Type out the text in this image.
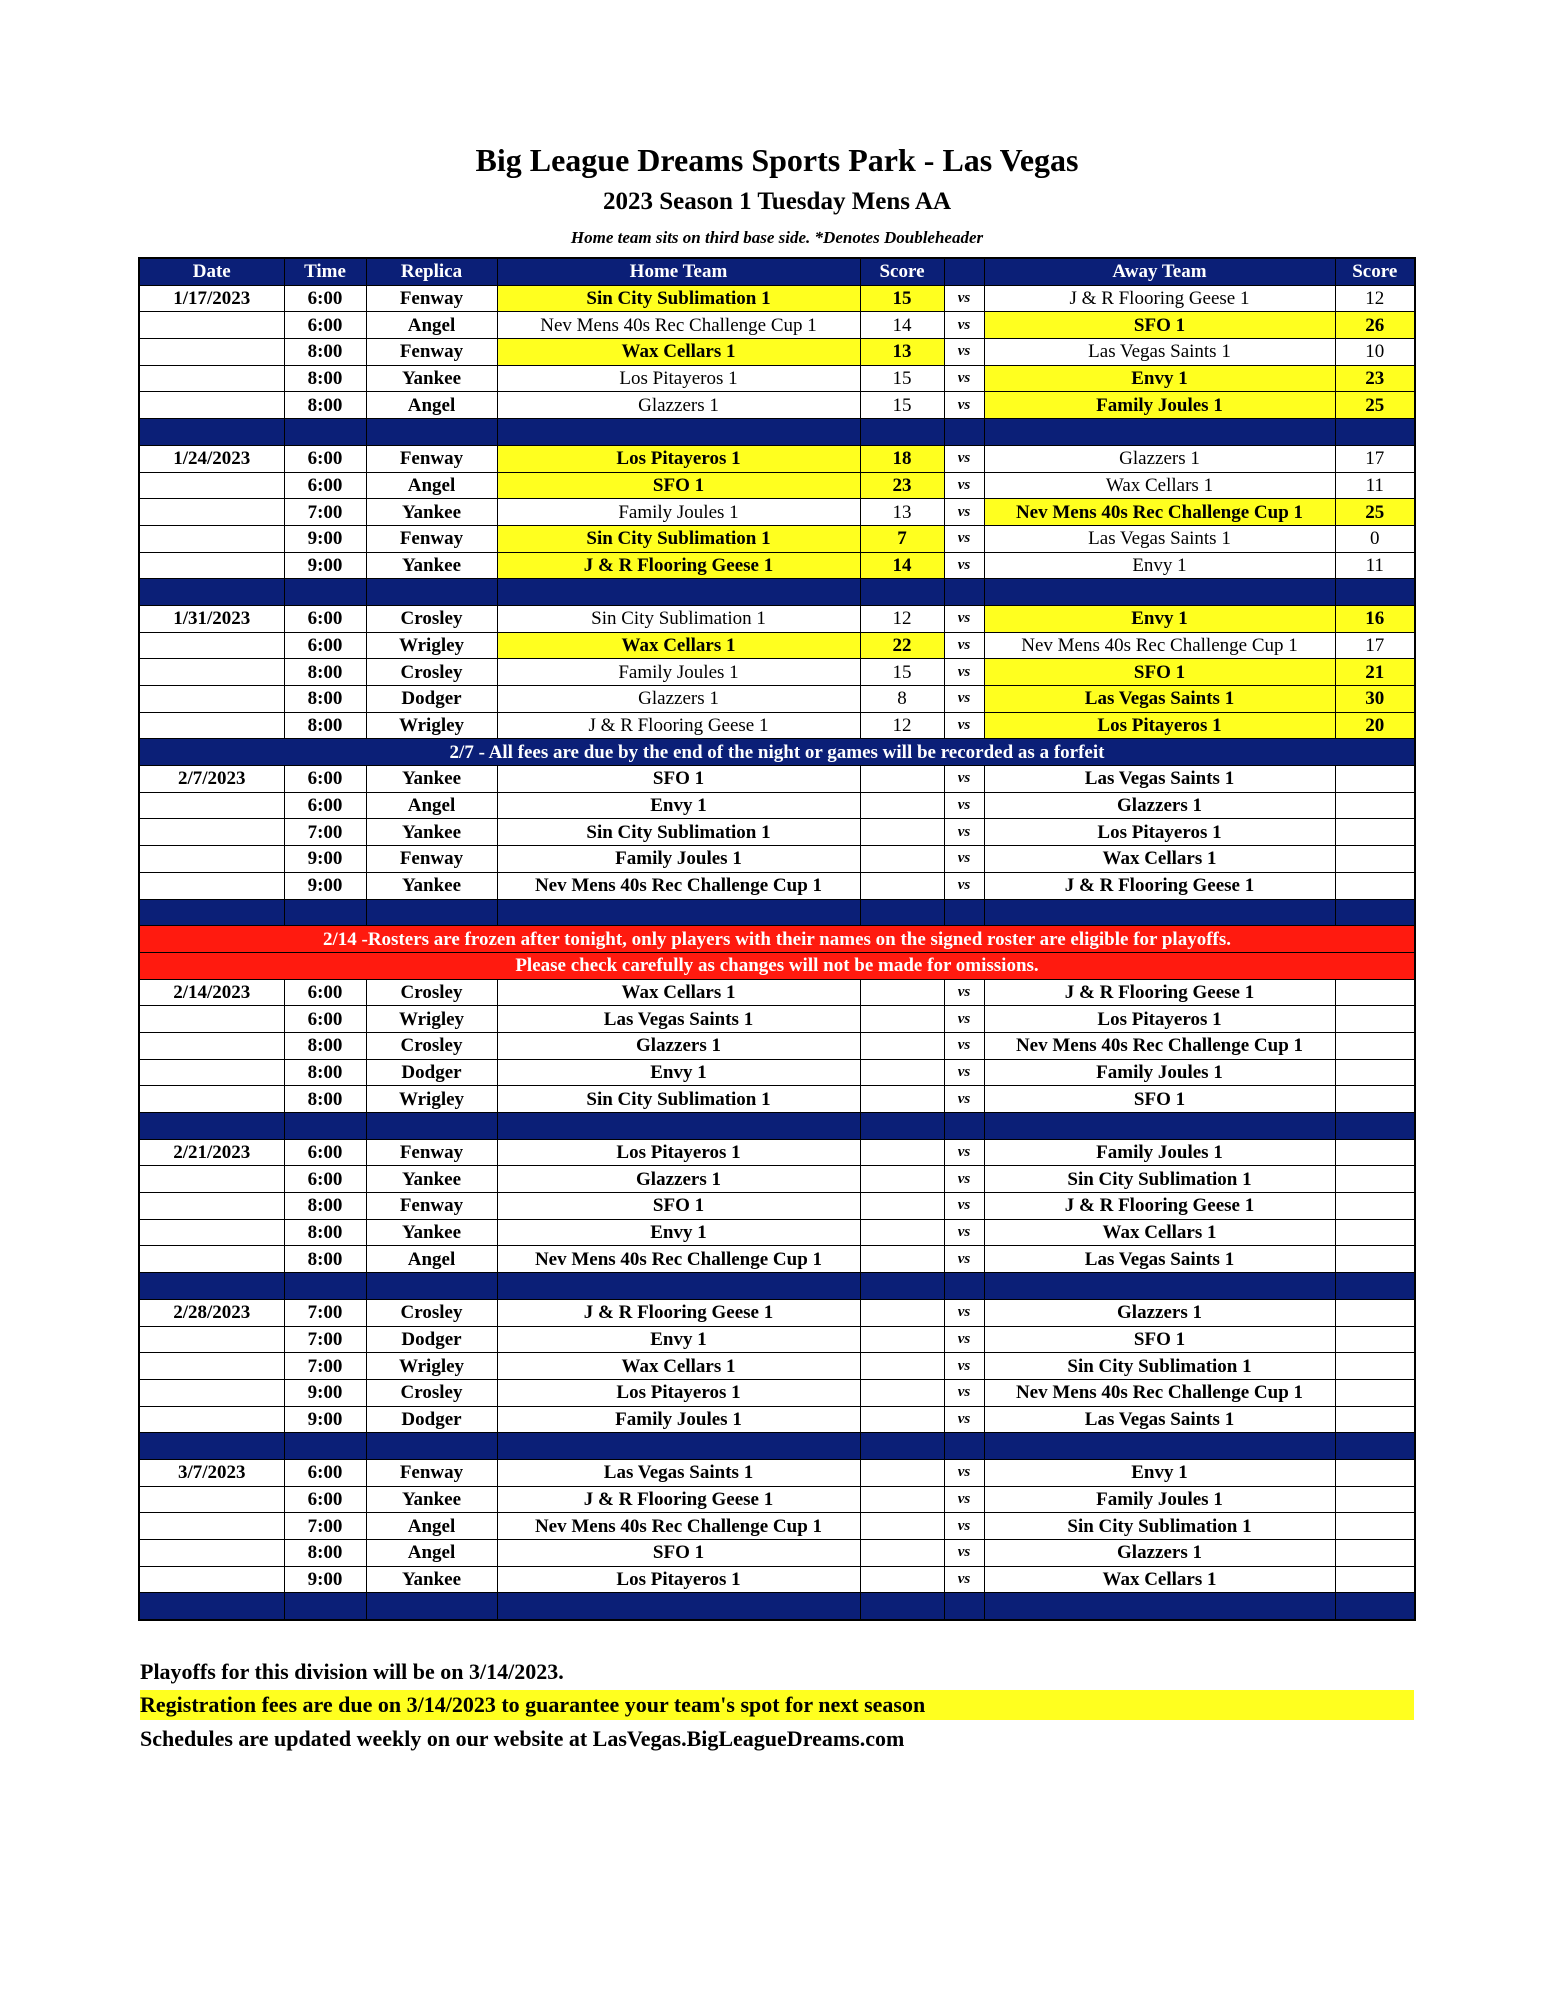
Big League Dreams Sports Park - Las Vegas
2023 Season 1 Tuesday Mens AA
Home team sits on third base side. *Denotes Doubleheader
Date	Time	Replica	Home Team	Score		Away Team	Score
1/17/2023	6:00	Fenway	Sin City Sublimation 1	15	vs	J & R Flooring Geese 1	12
	6:00	Angel	Nev Mens 40s Rec Challenge Cup 1	14	vs	SFO 1	26
	8:00	Fenway	Wax Cellars 1	13	vs	Las Vegas Saints 1	10
	8:00	Yankee	Los Pitayeros 1	15	vs	Envy 1	23
	8:00	Angel	Glazzers 1	15	vs	Family Joules 1	25

1/24/2023	6:00	Fenway	Los Pitayeros 1	18	vs	Glazzers 1	17
	6:00	Angel	SFO 1	23	vs	Wax Cellars 1	11
	7:00	Yankee	Family Joules 1	13	vs	Nev Mens 40s Rec Challenge Cup 1	25
	9:00	Fenway	Sin City Sublimation 1	7	vs	Las Vegas Saints 1	0
	9:00	Yankee	J & R Flooring Geese 1	14	vs	Envy 1	11

1/31/2023	6:00	Crosley	Sin City Sublimation 1	12	vs	Envy 1	16
	6:00	Wrigley	Wax Cellars 1	22	vs	Nev Mens 40s Rec Challenge Cup 1	17
	8:00	Crosley	Family Joules 1	15	vs	SFO 1	21
	8:00	Dodger	Glazzers 1	8	vs	Las Vegas Saints 1	30
	8:00	Wrigley	J & R Flooring Geese 1	12	vs	Los Pitayeros 1	20
2/7 - All fees are due by the end of the night or games will be recorded as a forfeit							
2/7/2023	6:00	Yankee	SFO 1		vs	Las Vegas Saints 1	
	6:00	Angel	Envy 1		vs	Glazzers 1	
	7:00	Yankee	Sin City Sublimation 1		vs	Los Pitayeros 1	
	9:00	Fenway	Family Joules 1		vs	Wax Cellars 1	
	9:00	Yankee	Nev Mens 40s Rec Challenge Cup 1		vs	J & R Flooring Geese 1	

2/14 -Rosters are frozen after tonight, only players with their names on the signed roster are eligible for playoffs.							
Please check carefully as changes will not be made for omissions.							
2/14/2023	6:00	Crosley	Wax Cellars 1		vs	J & R Flooring Geese 1	
	6:00	Wrigley	Las Vegas Saints 1		vs	Los Pitayeros 1	
	8:00	Crosley	Glazzers 1		vs	Nev Mens 40s Rec Challenge Cup 1	
	8:00	Dodger	Envy 1		vs	Family Joules 1	
	8:00	Wrigley	Sin City Sublimation 1		vs	SFO 1	

2/21/2023	6:00	Fenway	Los Pitayeros 1		vs	Family Joules 1	
	6:00	Yankee	Glazzers 1		vs	Sin City Sublimation 1	
	8:00	Fenway	SFO 1		vs	J & R Flooring Geese 1	
	8:00	Yankee	Envy 1		vs	Wax Cellars 1	
	8:00	Angel	Nev Mens 40s Rec Challenge Cup 1		vs	Las Vegas Saints 1	

2/28/2023	7:00	Crosley	J & R Flooring Geese 1		vs	Glazzers 1	
	7:00	Dodger	Envy 1		vs	SFO 1	
	7:00	Wrigley	Wax Cellars 1		vs	Sin City Sublimation 1	
	9:00	Crosley	Los Pitayeros 1		vs	Nev Mens 40s Rec Challenge Cup 1	
	9:00	Dodger	Family Joules 1		vs	Las Vegas Saints 1	

3/7/2023	6:00	Fenway	Las Vegas Saints 1		vs	Envy 1	
	6:00	Yankee	J & R Flooring Geese 1		vs	Family Joules 1	
	7:00	Angel	Nev Mens 40s Rec Challenge Cup 1		vs	Sin City Sublimation 1	
	8:00	Angel	SFO 1		vs	Glazzers 1	
	9:00	Yankee	Los Pitayeros 1		vs	Wax Cellars 1	

Playoffs for this division will be on 3/14/2023.
Registration fees are due on 3/14/2023 to guarantee your team's spot for next season
Schedules are updated weekly on our website at LasVegas.BigLeagueDreams.com
